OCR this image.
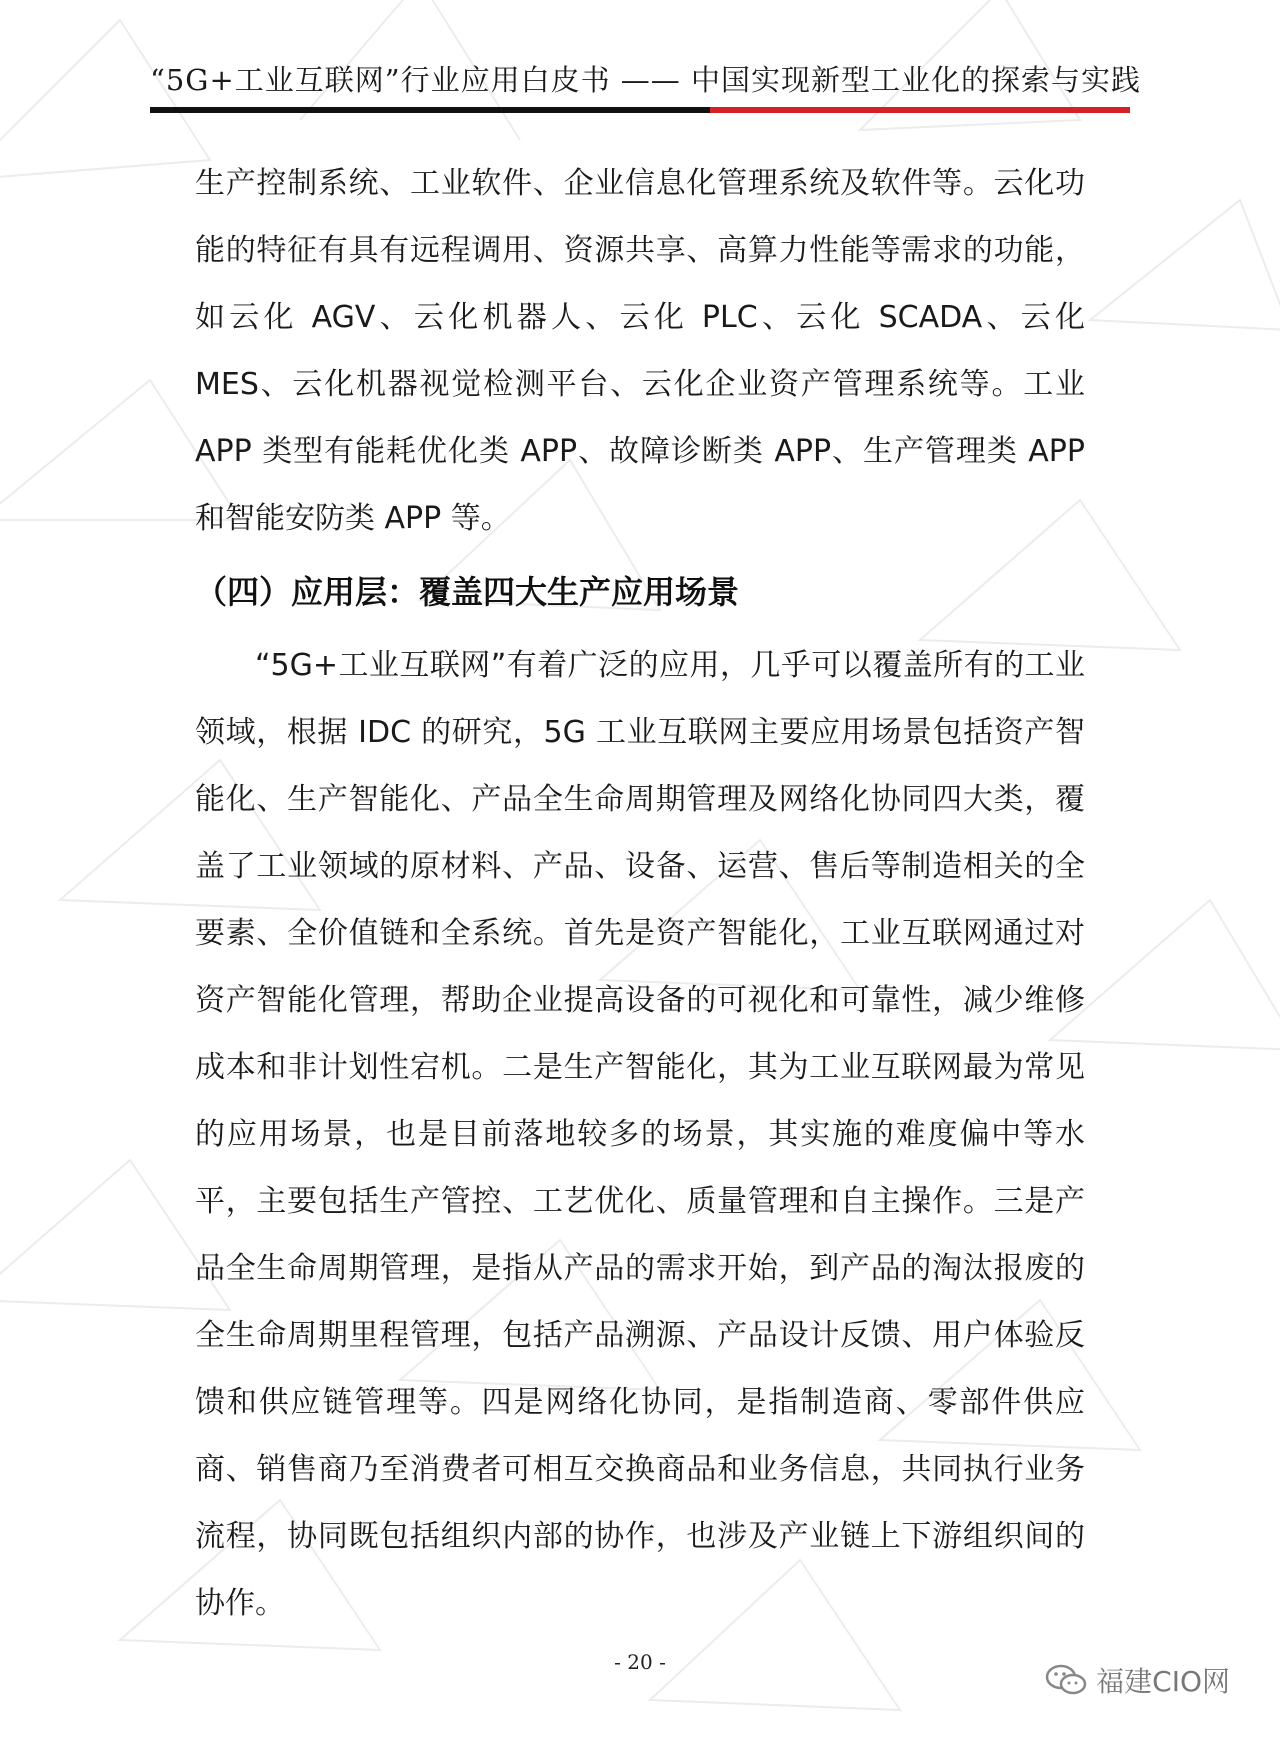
“5G+工业互联网”行业应用白皮书 —— 中国实现新型工业化的探索与实践

生产控制系统、工业软件、企业信息化管理系统及软件等。云化功能的特征有具有远程调用、资源共享、高算力性能等需求的功能，如云化 AGV、云化机器人、云化 PLC、云化 SCADA、云化 MES、云化机器视觉检测平台、云化企业资产管理系统等。工业 APP 类型有能耗优化类 APP、故障诊断类 APP、生产管理类 APP 和智能安防类 APP 等。

（四）应用层：覆盖四大生产应用场景

“5G+工业互联网”有着广泛的应用，几乎可以覆盖所有的工业领域，根据 IDC 的研究，5G 工业互联网主要应用场景包括资产智能化、生产智能化、产品全生命周期管理及网络化协同四大类，覆盖了工业领域的原材料、产品、设备、运营、售后等制造相关的全要素、全价值链和全系统。首先是资产智能化，工业互联网通过对资产智能化管理，帮助企业提高设备的可视化和可靠性，减少维修成本和非计划性宕机。二是生产智能化，其为工业互联网最为常见的应用场景，也是目前落地较多的场景，其实施的难度偏中等水平，主要包括生产管控、工艺优化、质量管理和自主操作。三是产品全生命周期管理，是指从产品的需求开始，到产品的淘汰报废的全生命周期里程管理，包括产品溯源、产品设计反馈、用户体验反馈和供应链管理等。四是网络化协同，是指制造商、零部件供应商、销售商乃至消费者可相互交换商品和业务信息，共同执行业务流程，协同既包括组织内部的协作，也涉及产业链上下游组织间的协作。

- 20 -
福建CIO网
